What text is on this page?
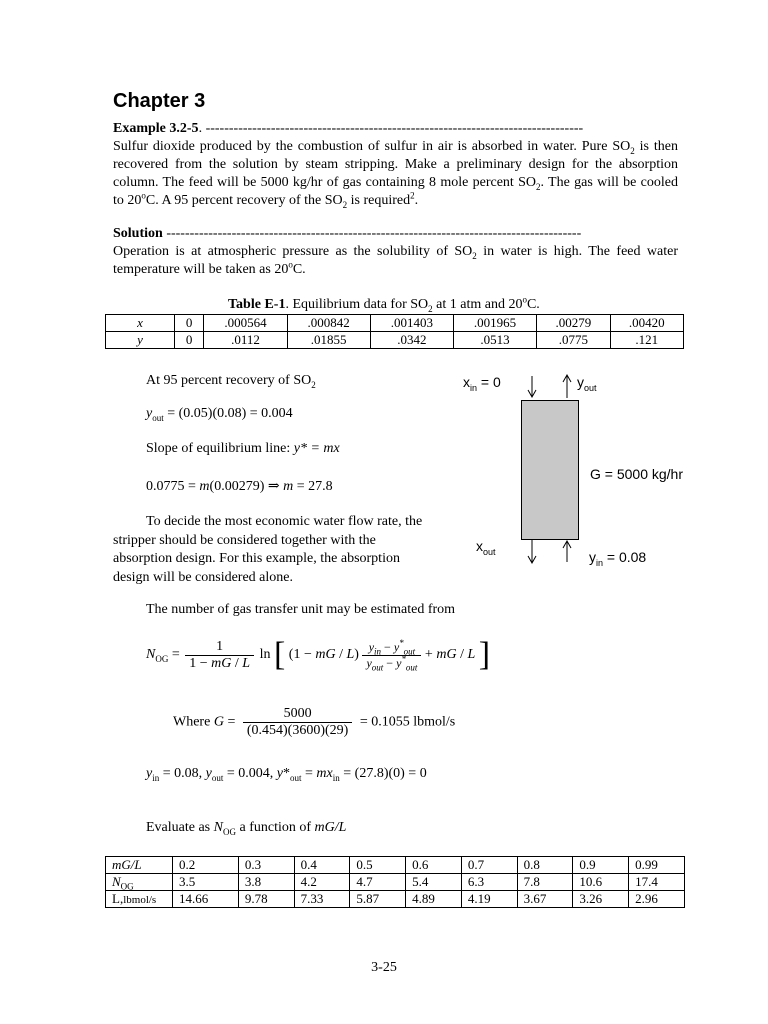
Chapter 3

Example 3.2-5. ---------------------------------------------------------------------------------
Sulfur dioxide produced by the combustion of sulfur in air is absorbed in water. Pure $SO_2$ is then recovered from the solution by steam stripping. Make a preliminary design for the absorption column. The feed will be 5000 kg/hr of gas containing 8 mole percent $SO_2$. The gas will be cooled to 20$^o$C. A 95 percent recovery of the $SO_2$ is required$^2$.

Solution -----------------------------------------------------------------------------------------
Operation is at atmospheric pressure as the solubility of $SO_2$ in water is high. The feed water temperature will be taken as 20$^o$C.

Table E-1. Equilibrium data for $SO_2$ at 1 atm and 20$^o$C.
x	0	.000564	.000842	.001403	.001965	.00279	.00420
y	0	.0112	.01855	.0342	.0513	.0775	.121
At 95 percent recovery of $SO_2$
$y_{out} = (0.05)(0.08) = 0.004$
Slope of equilibrium line: y* = mx
0.0775 = m(0.00279) ⇒ m = 27.8

To decide the most economic water flow rate, the stripper should be considered together with the absorption design. For this example, the absorption design will be considered alone.

$x_{in} = 0$	$y_{out}$
G = 5000 kg/hr
$x_{out}$	$y_{in} = 0.08$
The number of gas transfer unit may be estimated from
$N_{OG} = \frac{1}{1 - mG / L}$ ln [ (1 − mG / $L) \frac{y_{in} - y^*_{out}}{y_{out} - y^*_{out}}$ + mG / L ]
Where $G = \frac{5000}{(0.454)(3600)(29)} = 0.1055$ lbmol/s
$y_{in} = 0.08$, $y_{out} = 0.004$, $y*_{out} = mx_{in} = (27.8)(0) = 0$
Evaluate as $N_{OG}$ a function of mG/L
mG/L	0.2	0.3	0.4	0.5	0.6	0.7	0.8	0.9	0.99
$N_{OG}$	3.5	3.8	4.2	4.7	5.4	6.3	7.8	10.6	17.4
L,lbmol/s	14.66	9.78	7.33	5.87	4.89	4.19	3.67	3.26	2.96
3-25
